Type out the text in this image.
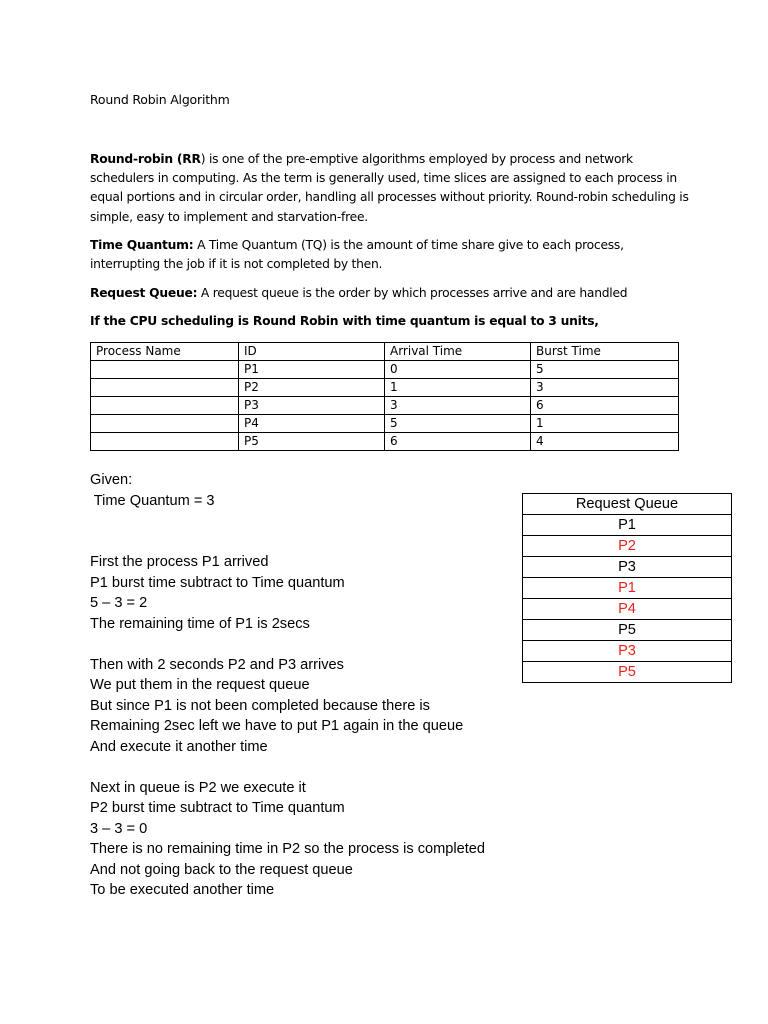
Round Robin Algorithm
Round-robin (RR) is one of the pre-emptive algorithms employed by process and network schedulers in computing. As the term is generally used, time slices are assigned to each process in equal portions and in circular order, handling all processes without priority. Round-robin scheduling is simple, easy to implement and starvation-free.
Time Quantum: A Time Quantum (TQ) is the amount of time share give to each process, interrupting the job if it is not completed by then.
Request Queue: A request queue is the order by which processes arrive and are handled
If the CPU scheduling is Round Robin with time quantum is equal to 3 units,
Process Name	ID	Arrival Time	Burst Time
	P1	0	5
	P2	1	3
	P3	3	6
	P4	5	1
	P5	6	4
Given:
Time Quantum = 3
First the process P1 arrived
P1 burst time subtract to Time quantum
5 – 3 = 2
The remaining time of P1 is 2secs
Then with 2 seconds P2 and P3 arrives
We put them in the request queue
But since P1 is not been completed because there is
Remaining 2sec left we have to put P1 again in the queue
And execute it another time
Next in queue is P2 we execute it
P2 burst time subtract to Time quantum
3 – 3 = 0
There is no remaining time in P2 so the process is completed
And not going back to the request queue
To be executed another time
Request Queue
P1
P2
P3
P1
P4
P5
P3
P5
